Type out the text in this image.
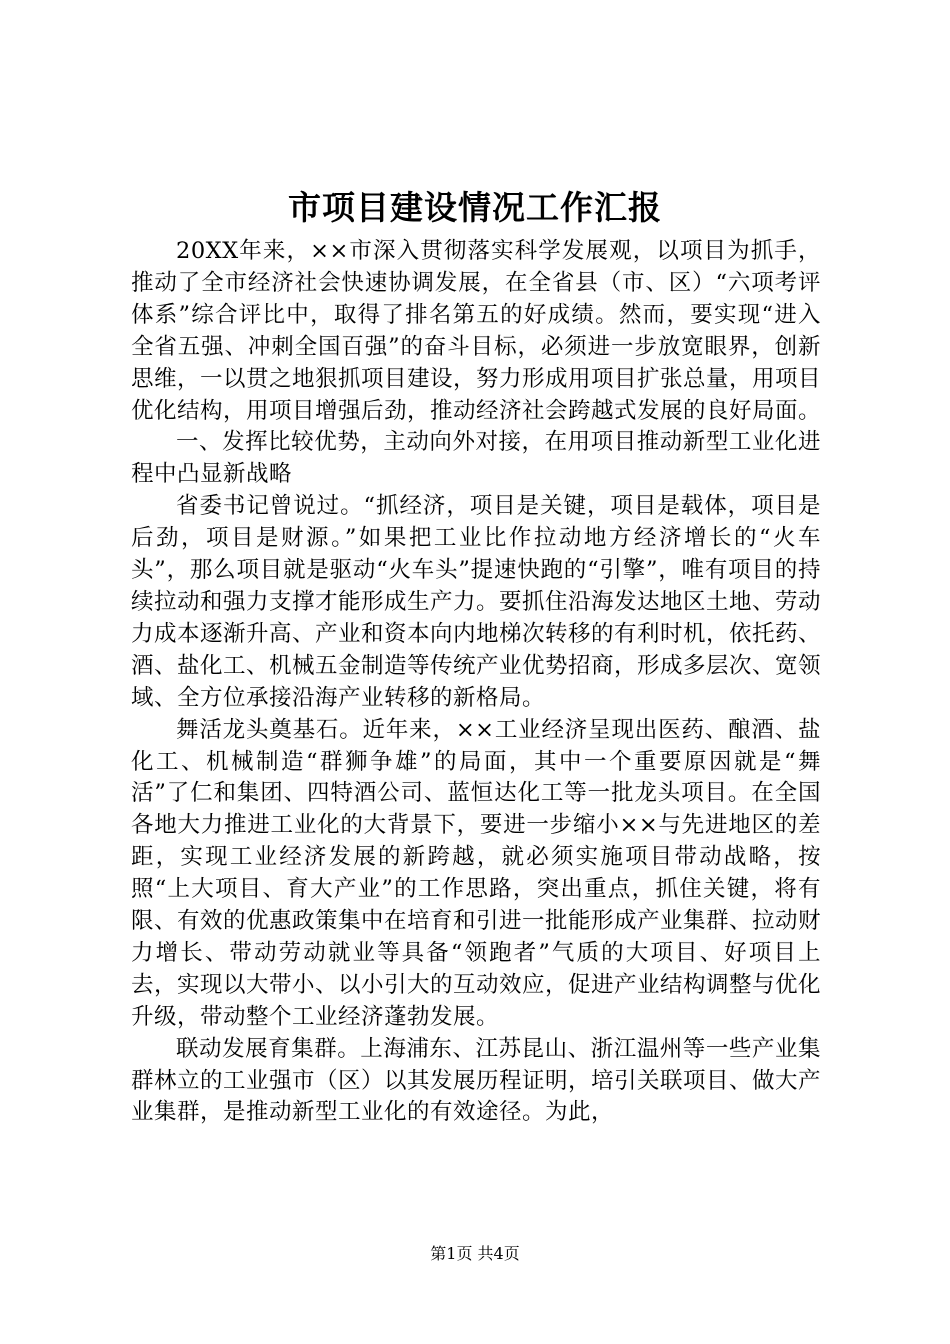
市项目建设情况工作汇报

20XX年来，××市深入贯彻落实科学发展观，以项目为抓手，推动了全市经济社会快速协调发展，在全省县（市、区）“六项考评体系”综合评比中，取得了排名第五的好成绩。然而，要实现“进入全省五强、冲刺全国百强”的奋斗目标，必须进一步放宽眼界，创新思维，一以贯之地狠抓项目建设，努力形成用项目扩张总量，用项目优化结构，用项目增强后劲，推动经济社会跨越式发展的良好局面。

一、发挥比较优势，主动向外对接，在用项目推动新型工业化进程中凸显新战略

省委书记曾说过。“抓经济，项目是关键，项目是载体，项目是后劲，项目是财源。”如果把工业比作拉动地方经济增长的“火车头”，那么项目就是驱动“火车头”提速快跑的“引擎”，唯有项目的持续拉动和强力支撑才能形成生产力。要抓住沿海发达地区土地、劳动力成本逐渐升高、产业和资本向内地梯次转移的有利时机，依托药、酒、盐化工、机械五金制造等传统产业优势招商，形成多层次、宽领域、全方位承接沿海产业转移的新格局。

舞活龙头奠基石。近年来，××工业经济呈现出医药、酿酒、盐化工、机械制造“群狮争雄”的局面，其中一个重要原因就是“舞活”了仁和集团、四特酒公司、蓝恒达化工等一批龙头项目。在全国各地大力推进工业化的大背景下，要进一步缩小××与先进地区的差距，实现工业经济发展的新跨越，就必须实施项目带动战略，按照“上大项目、育大产业”的工作思路，突出重点，抓住关键，将有限、有效的优惠政策集中在培育和引进一批能形成产业集群、拉动财力增长、带动劳动就业等具备“领跑者”气质的大项目、好项目上去，实现以大带小、以小引大的互动效应，促进产业结构调整与优化升级，带动整个工业经济蓬勃发展。

联动发展育集群。上海浦东、江苏昆山、浙江温州等一些产业集群林立的工业强市（区）以其发展历程证明，培引关联项目、做大产业集群，是推动新型工业化的有效途径。为此，

第1页 共4页
